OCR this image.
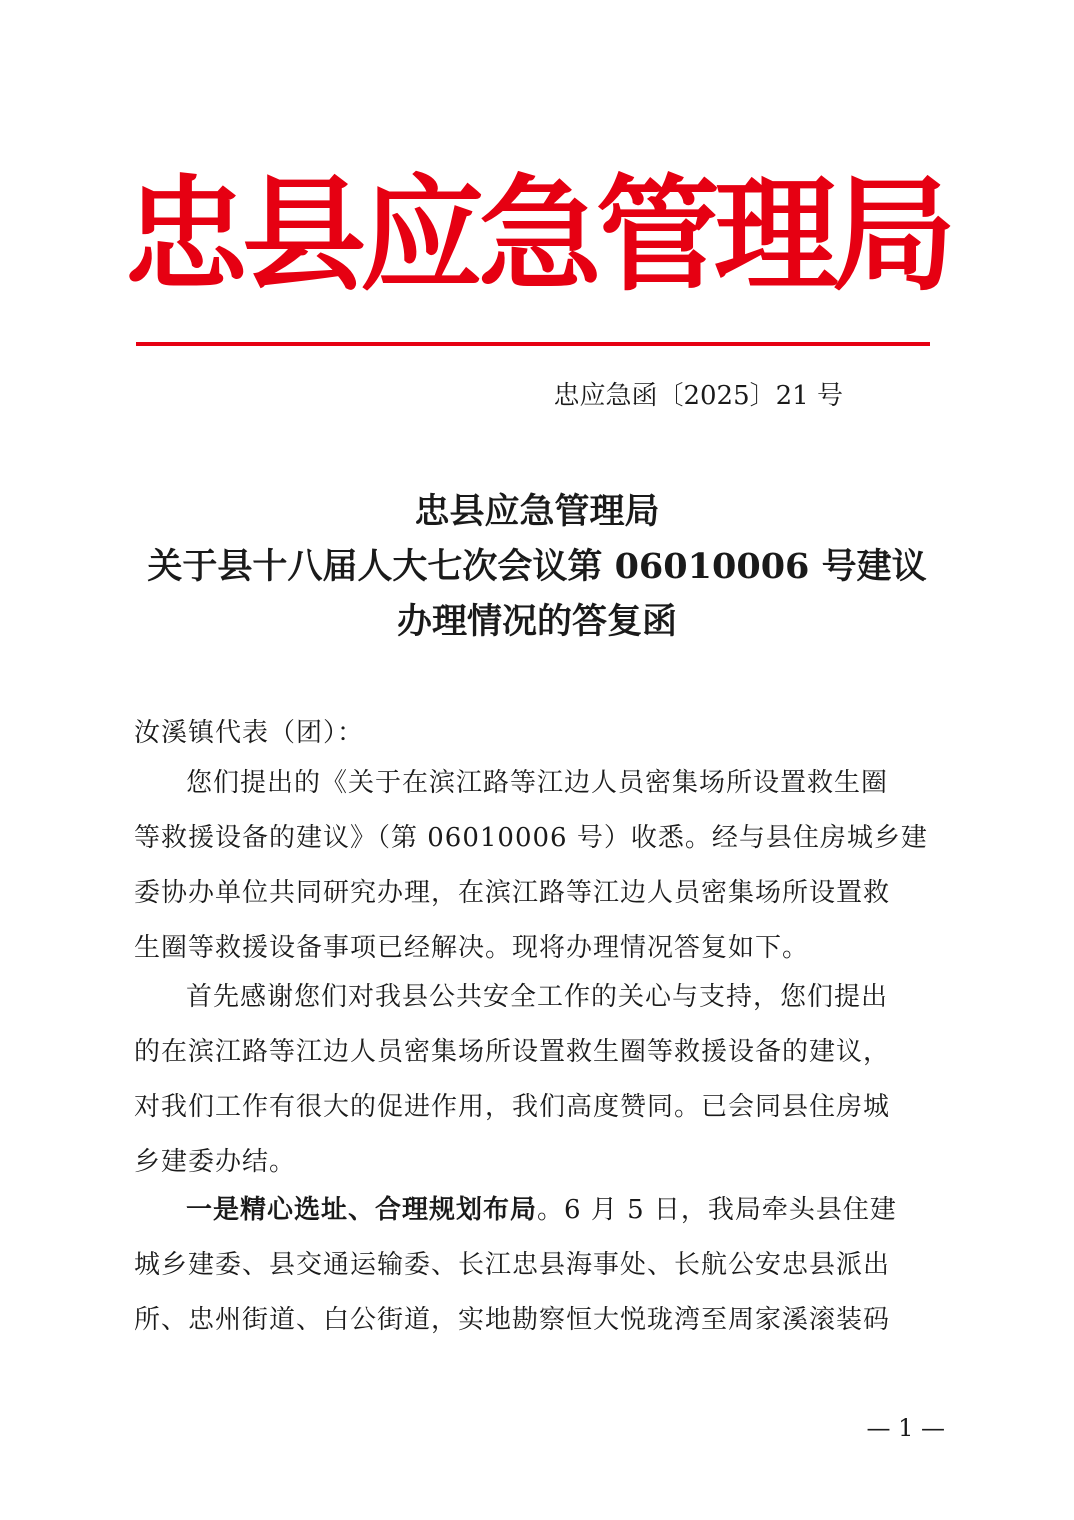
忠县应急管理局
忠应急函〔2025〕21 号
忠县应急管理局
关于县十八届人大七次会议第 06010006 号建议
办理情况的答复函
汝溪镇代表（团）：
您们提出的《关于在滨江路等江边人员密集场所设置救生圈
等救援设备的建议》（第 06010006 号）收悉。经与县住房城乡建
委协办单位共同研究办理，在滨江路等江边人员密集场所设置救
生圈等救援设备事项已经解决。现将办理情况答复如下。
首先感谢您们对我县公共安全工作的关心与支持，您们提出
的在滨江路等江边人员密集场所设置救生圈等救援设备的建议，
对我们工作有很大的促进作用，我们高度赞同。已会同县住房城
乡建委办结。
一是精心选址、合理规划布局。6 月 5 日，我局牵头县住建
城乡建委、县交通运输委、长江忠县海事处、长航公安忠县派出
所、忠州街道、白公街道，实地勘察恒大悦珑湾至周家溪滚装码
— 1 —
